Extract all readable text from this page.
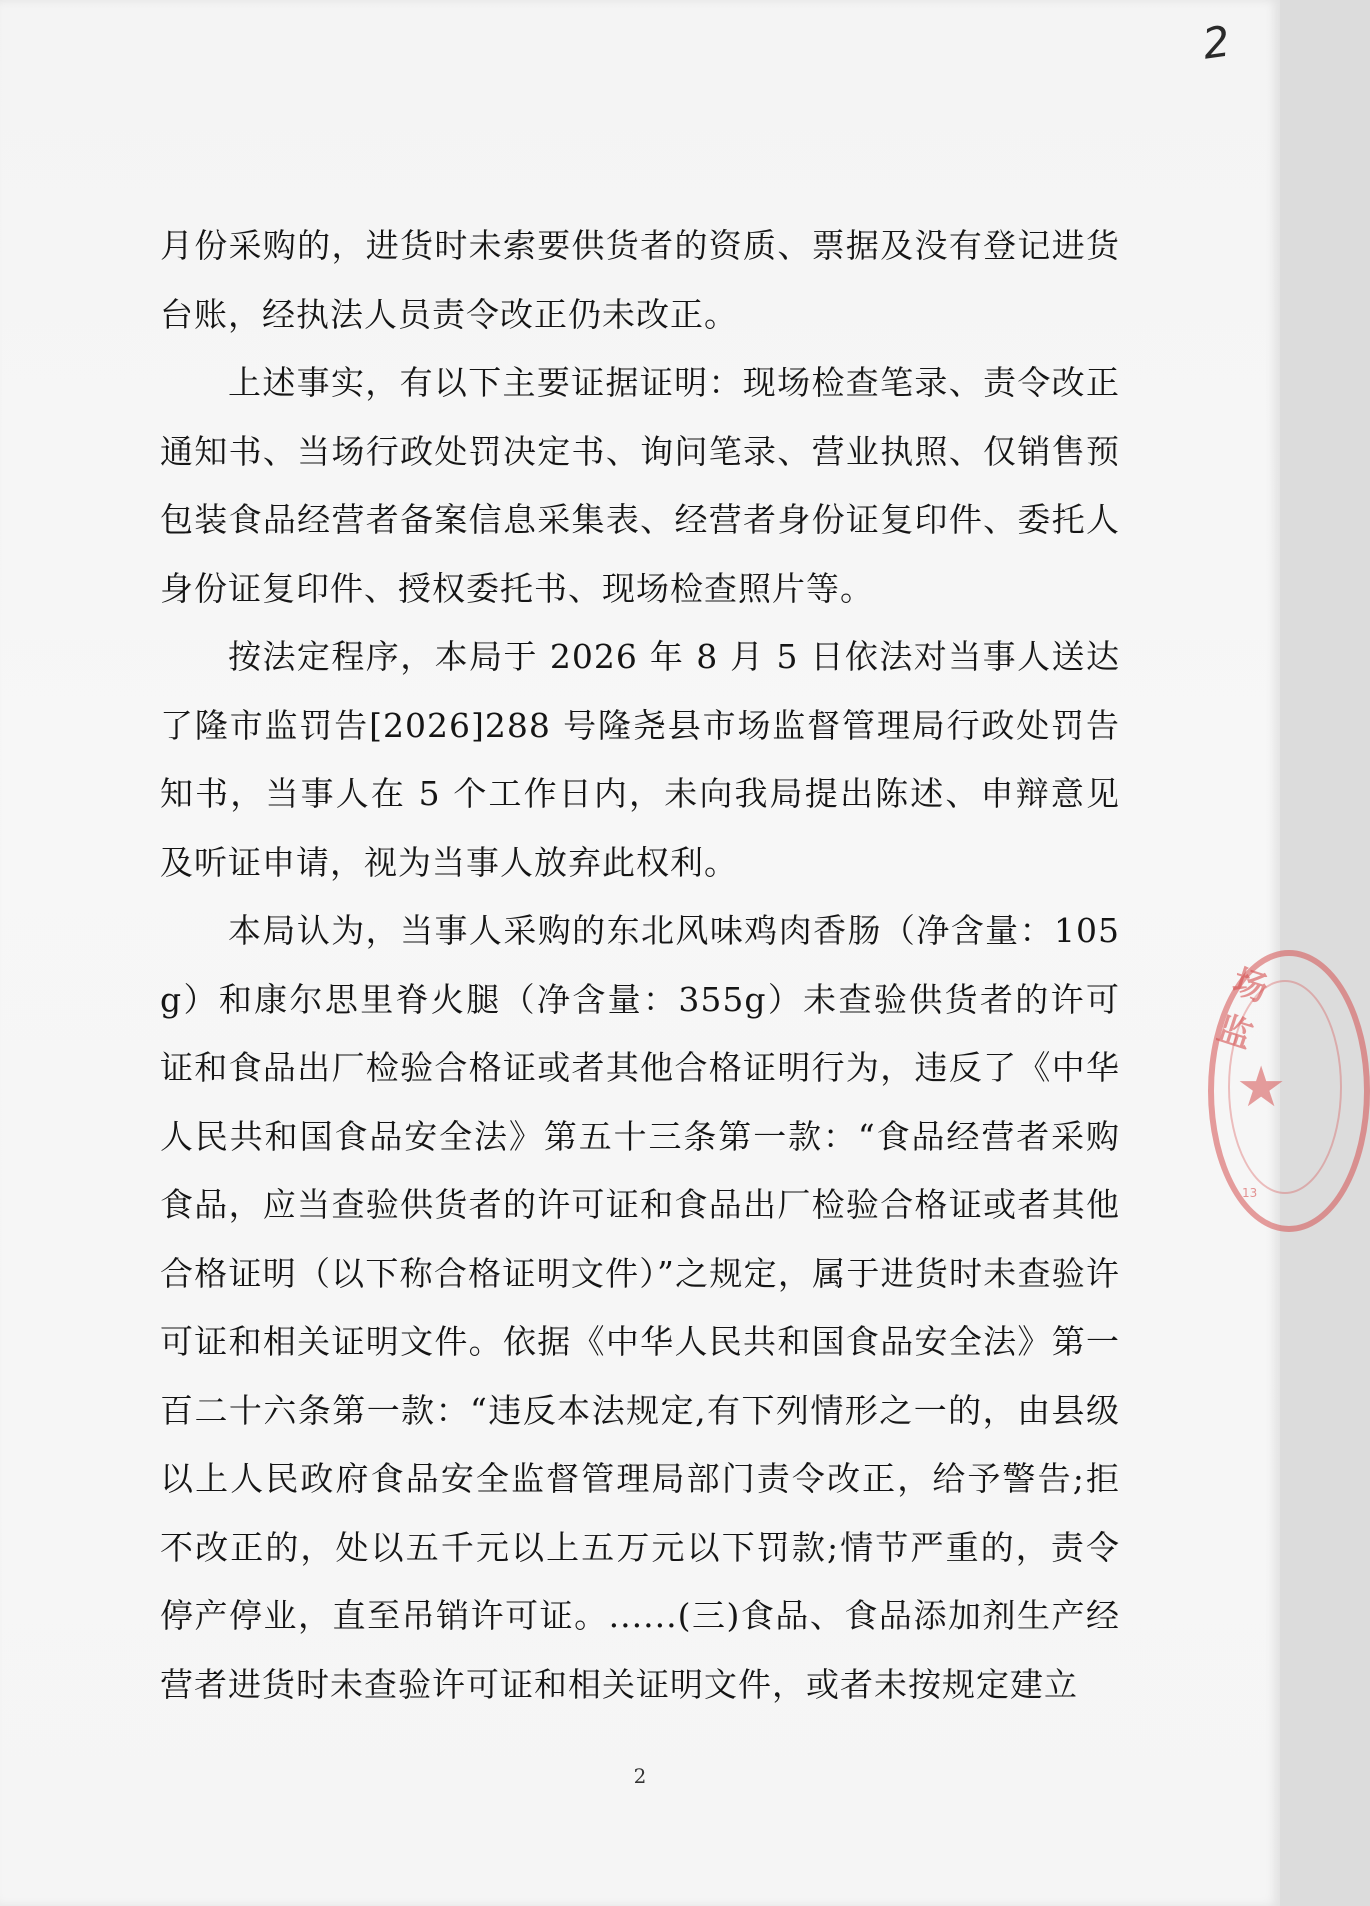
2

月份采购的，进货时未索要供货者的资质、票据及没有登记进货台账，经执法人员责令改正仍未改正。

上述事实，有以下主要证据证明：现场检查笔录、责令改正通知书、当场行政处罚决定书、询问笔录、营业执照、仅销售预包装食品经营者备案信息采集表、经营者身份证复印件、委托人身份证复印件、授权委托书、现场检查照片等。

按法定程序，本局于 2026 年 8 月 5 日依法对当事人送达了隆市监罚告[2026]288 号隆尧县市场监督管理局行政处罚告知书，当事人在 5 个工作日内，未向我局提出陈述、申辩意见及听证申请，视为当事人放弃此权利。

本局认为，当事人采购的东北风味鸡肉香肠（净含量：105g）和康尔思里脊火腿（净含量：355g）未查验供货者的许可证和食品出厂检验合格证或者其他合格证明行为，违反了《中华人民共和国食品安全法》第五十三条第一款：“食品经营者采购食品，应当查验供货者的许可证和食品出厂检验合格证或者其他合格证明（以下称合格证明文件）”之规定，属于进货时未查验许可证和相关证明文件。依据《中华人民共和国食品安全法》第一百二十六条第一款：“违反本法规定,有下列情形之一的，由县级以上人民政府食品安全监督管理局部门责令改正，给予警告;拒不改正的，处以五千元以上五万元以下罚款;情节严重的，责令停产停业，直至吊销许可证。......(三)食品、食品添加剂生产经营者进货时未查验许可证和相关证明文件，或者未按规定建立

2
场监
★
13
